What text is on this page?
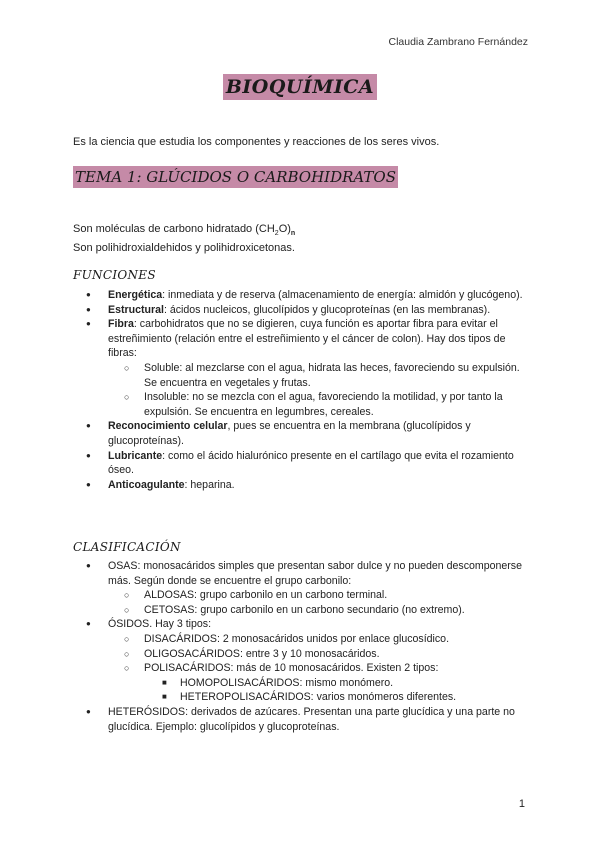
Claudia Zambrano Fernández
BIOQUÍMICA
Es la ciencia que estudia los componentes y reacciones de los seres vivos.
TEMA 1: GLÚCIDOS O CARBOHIDRATOS
Son moléculas de carbono hidratado $(CH_2O)_n$
Son polihidroxialdehidos y polihidroxicetonas.
FUNCIONES
● Energética: inmediata y de reserva (almacenamiento de energía: almidón y glucógeno).
● Estructural: ácidos nucleicos, glucolípidos y glucoproteínas (en las membranas).
● Fibra: carbohidratos que no se digieren, cuya función es aportar fibra para evitar el estreñimiento (relación entre el estreñimiento y el cáncer de colon). Hay dos tipos de fibras:
○ Soluble: al mezclarse con el agua, hidrata las heces, favoreciendo su expulsión. Se encuentra en vegetales y frutas.
○ Insoluble: no se mezcla con el agua, favoreciendo la motilidad, y por tanto la expulsión. Se encuentra en legumbres, cereales.
● Reconocimiento celular, pues se encuentra en la membrana (glucolípidos y glucoproteínas).
● Lubricante: como el ácido hialurónico presente en el cartílago que evita el rozamiento óseo.
● Anticoagulante: heparina.
CLASIFICACIÓN
● OSAS: monosacáridos simples que presentan sabor dulce y no pueden descomponerse más. Según donde se encuentre el grupo carbonilo:
○ ALDOSAS: grupo carbonilo en un carbono terminal.
○ CETOSAS: grupo carbonilo en un carbono secundario (no extremo).
● ÓSIDOS. Hay 3 tipos:
○ DISACÁRIDOS: 2 monosacáridos unidos por enlace glucosídico.
○ OLIGOSACÁRIDOS: entre 3 y 10 monosacáridos.
○ POLISACÁRIDOS: más de 10 monosacáridos. Existen 2 tipos:
■ HOMOPOLISACÁRIDOS: mismo monómero.
■ HETEROPOLISACÁRIDOS: varios monómeros diferentes.
● HETERÓSIDOS: derivados de azúcares. Presentan una parte glucídica y una parte no glucídica. Ejemplo: glucolípidos y glucoproteínas.
1
